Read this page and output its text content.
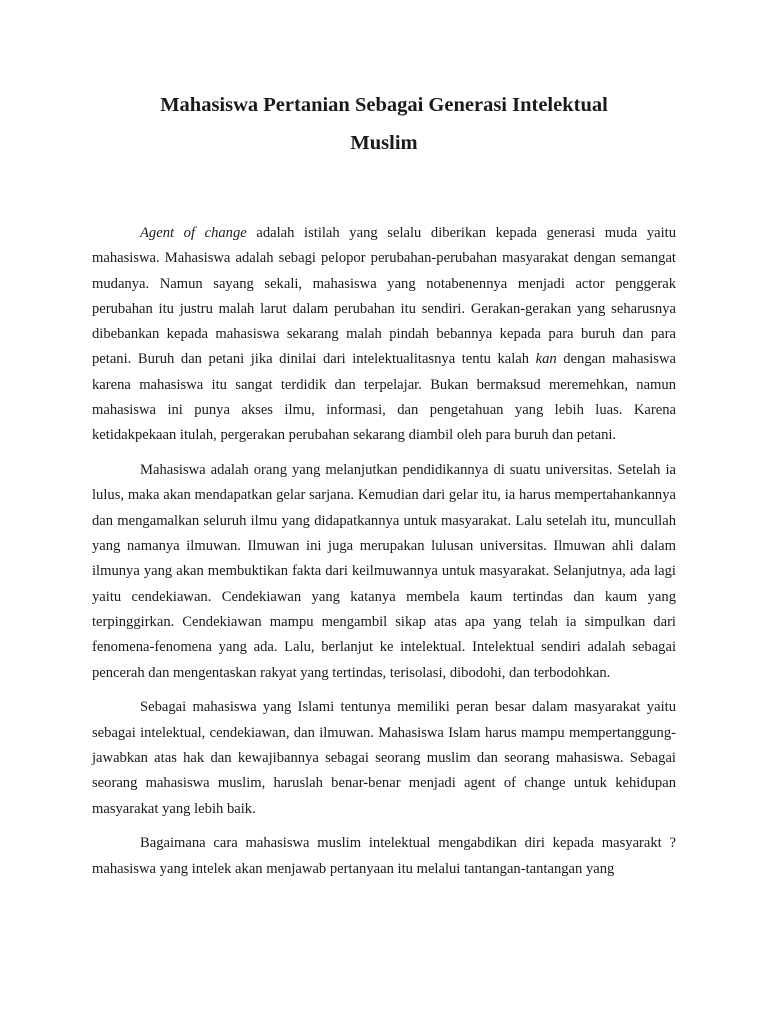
Mahasiswa Pertanian Sebagai Generasi Intelektual
Muslim

Agent of change adalah istilah yang selalu diberikan kepada generasi muda yaitu mahasiswa. Mahasiswa adalah sebagi pelopor perubahan-perubahan masyarakat dengan semangat mudanya. Namun sayang sekali, mahasiswa yang notabenennya menjadi actor penggerak perubahan itu justru malah larut dalam perubahan itu sendiri. Gerakan-gerakan yang seharusnya dibebankan kepada mahasiswa sekarang malah pindah bebannya kepada para buruh dan para petani. Buruh dan petani jika dinilai dari intelektualitasnya tentu kalah kan dengan mahasiswa karena mahasiswa itu sangat terdidik dan terpelajar. Bukan bermaksud meremehkan, namun mahasiswa ini punya akses ilmu, informasi, dan pengetahuan yang lebih luas. Karena ketidakpekaan itulah, pergerakan perubahan sekarang diambil oleh para buruh dan petani.

Mahasiswa adalah orang yang melanjutkan pendidikannya di suatu universitas. Setelah ia lulus, maka akan mendapatkan gelar sarjana. Kemudian dari gelar itu, ia harus mempertahankannya dan mengamalkan seluruh ilmu yang didapatkannya untuk masyarakat. Lalu setelah itu, muncullah yang namanya ilmuwan. Ilmuwan ini juga merupakan lulusan universitas. Ilmuwan ahli dalam ilmunya yang akan membuktikan fakta dari keilmuwannya untuk masyarakat. Selanjutnya, ada lagi yaitu cendekiawan. Cendekiawan yang katanya membela kaum tertindas dan kaum yang terpinggirkan. Cendekiawan mampu mengambil sikap atas apa yang telah ia simpulkan dari fenomena-fenomena yang ada. Lalu, berlanjut ke intelektual. Intelektual sendiri adalah sebagai pencerah dan mengentaskan rakyat yang tertindas, terisolasi, dibodohi, dan terbodohkan.

Sebagai mahasiswa yang Islami tentunya memiliki peran besar dalam masyarakat yaitu sebagai intelektual, cendekiawan, dan ilmuwan. Mahasiswa Islam harus mampu mempertanggung-jawabkan atas hak dan kewajibannya sebagai seorang muslim dan seorang mahasiswa. Sebagai seorang mahasiswa muslim, haruslah benar-benar menjadi agent of change untuk kehidupan masyarakat yang lebih baik.

Bagaimana cara mahasiswa muslim intelektual mengabdikan diri kepada masyarakt ? mahasiswa yang intelek akan menjawab pertanyaan itu melalui tantangan-tantangan yang
